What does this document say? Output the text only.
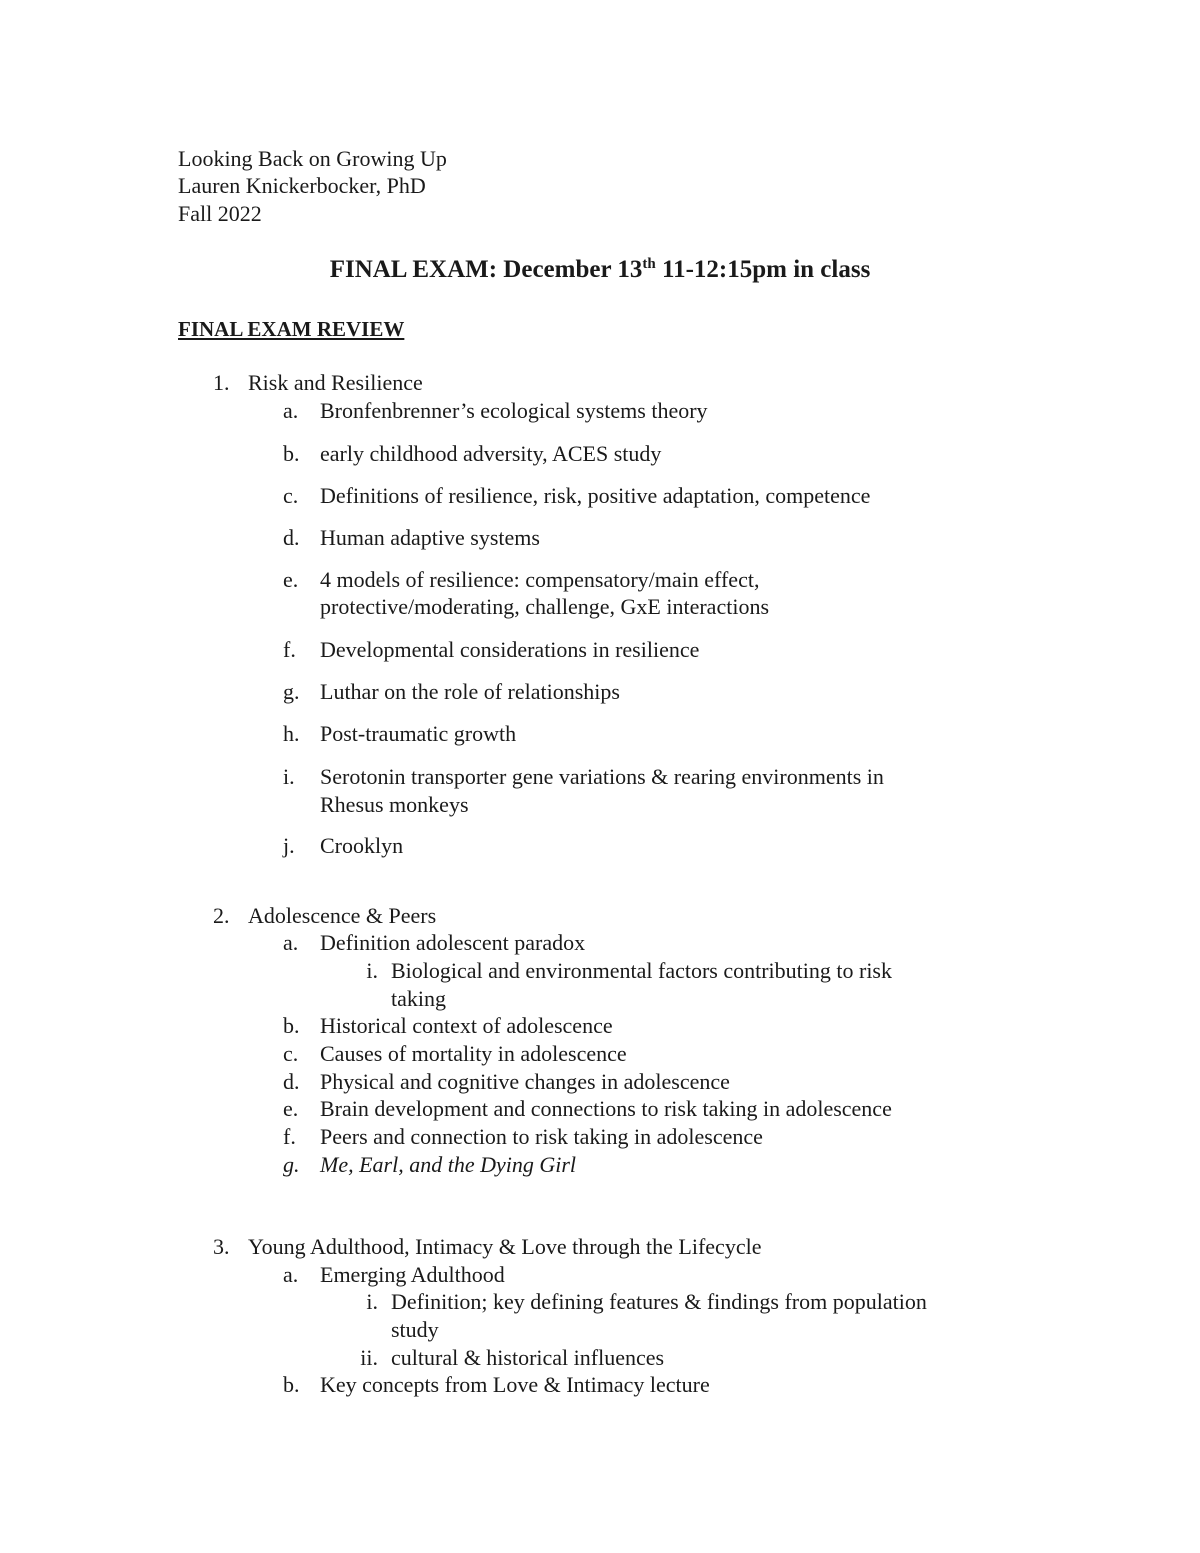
Looking Back on Growing Up
Lauren Knickerbocker, PhD
Fall 2022
FINAL EXAM: December 13th 11-12:15pm in class
FINAL EXAM REVIEW
1. Risk and Resilience
a. Bronfenbrenner’s ecological systems theory
b. early childhood adversity, ACES study
c. Definitions of resilience, risk, positive adaptation, competence
d. Human adaptive systems
e. 4 models of resilience: compensatory/main effect,
protective/moderating, challenge, GxE interactions
f. Developmental considerations in resilience
g. Luthar on the role of relationships
h. Post-traumatic growth
i. Serotonin transporter gene variations & rearing environments in
Rhesus monkeys
j. Crooklyn
2. Adolescence & Peers
a. Definition adolescent paradox
i. Biological and environmental factors contributing to risk
taking
b. Historical context of adolescence
c. Causes of mortality in adolescence
d. Physical and cognitive changes in adolescence
e. Brain development and connections to risk taking in adolescence
f. Peers and connection to risk taking in adolescence
g. Me, Earl, and the Dying Girl
3. Young Adulthood, Intimacy & Love through the Lifecycle
a. Emerging Adulthood
i. Definition; key defining features & findings from population
study
ii. cultural & historical influences
b. Key concepts from Love & Intimacy lecture
